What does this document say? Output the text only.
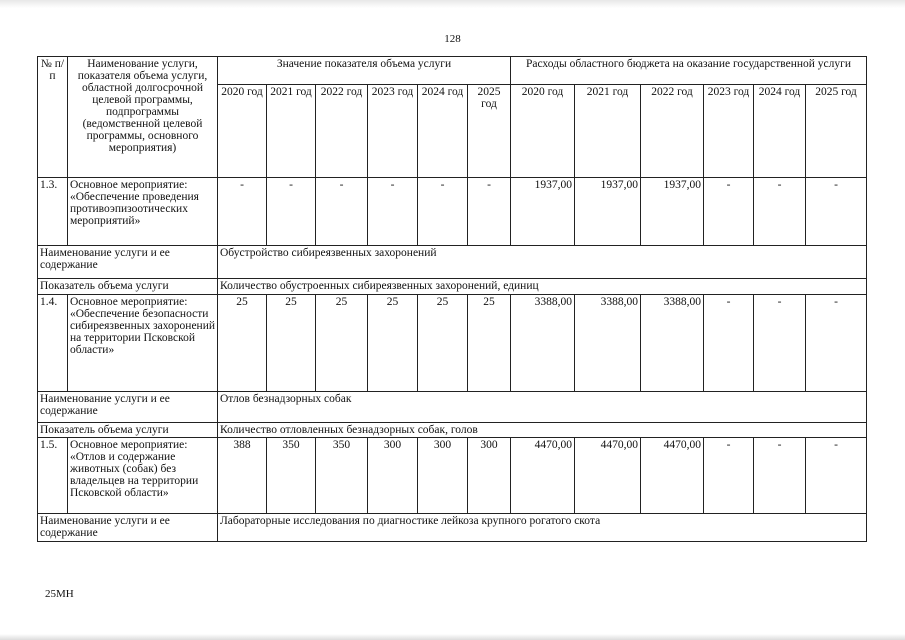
128
№ п/п	Наименование услуги, показателя объема услуги, областной долгосрочной целевой программы, подпрограммы (ведомственной целевой программы, основного мероприятия)	Значение показателя объема услуги						Расходы областного бюджета на оказание государственной услуги					
		2020 год	2021 год	2022 год	2023 год	2024 год	2025 год	2020 год	2021 год	2022 год	2023 год	2024 год	2025 год
1.3.	Основное мероприятие: «Обеспечение проведения противоэпизоотических мероприятий»	-	-	-	-	-	-	1937,00	1937,00	1937,00	-	-	-
Наименование услуги и ее содержание		Обустройство сибиреязвенных захоронений											
Показатель объема услуги		Количество обустроенных сибиреязвенных захоронений, единиц											
1.4.	Основное мероприятие: «Обеспечение безопасности сибиреязвенных захоронений на территории Псковской области»	25	25	25	25	25	25	3388,00	3388,00	3388,00	-	-	-
Наименование услуги и ее содержание		Отлов безнадзорных собак											
Показатель объема услуги		Количество отловленных безнадзорных собак, голов											
1.5.	Основное мероприятие: «Отлов и содержание животных (собак) без владельцев на территории Псковской области»	388	350	350	300	300	300	4470,00	4470,00	4470,00	-	-	-
Наименование услуги и ее содержание		Лабораторные исследования по диагностике лейкоза крупного рогатого скота											
25МН
